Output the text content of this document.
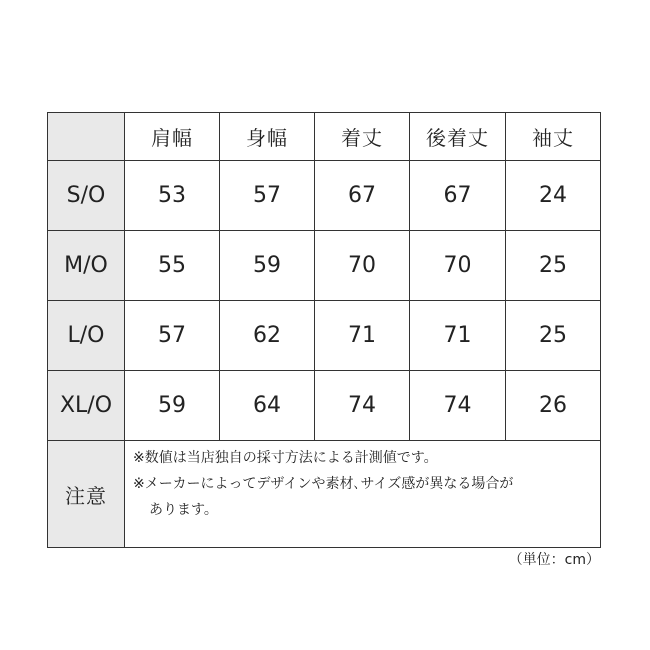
	肩幅	身幅	着丈	後着丈	袖丈
S/O	53	57	67	67	24
M/O	55	59	70	70	25
L/O	57	62	71	71	25
XL/O	59	64	74	74	26
注意	※数値は当店独自の採寸方法による計測値です。
※メーカーによってデザインや素材､サイズ感が異なる場合が
あります。				
（単位：cm）
